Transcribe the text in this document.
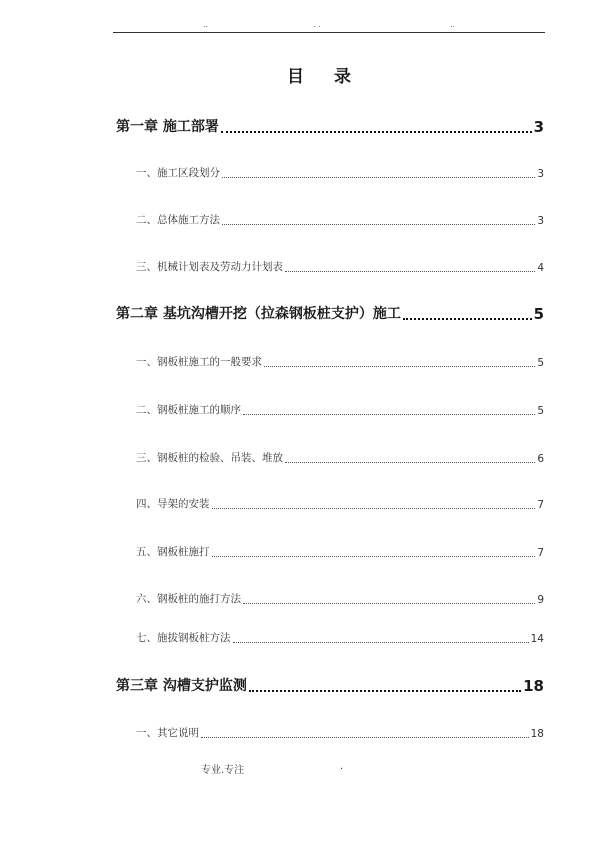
..	. .	..
目 录
第一章 施工部署	3
一、施工区段划分	3
二、总体施工方法	3
三、机械计划表及劳动力计划表	4
第二章 基坑沟槽开挖（拉森钢板桩支护）施工	5
一、钢板桩施工的一般要求	5
二、钢板桩施工的顺序	5
三、钢板桩的检验、吊装、堆放	6
四、导架的安装	7
五、钢板桩施打	7
六、钢板桩的施打方法	9
七、施拔钢板桩方法	14
第三章 沟槽支护监测	18
一、其它说明	18
专业.专注	.
